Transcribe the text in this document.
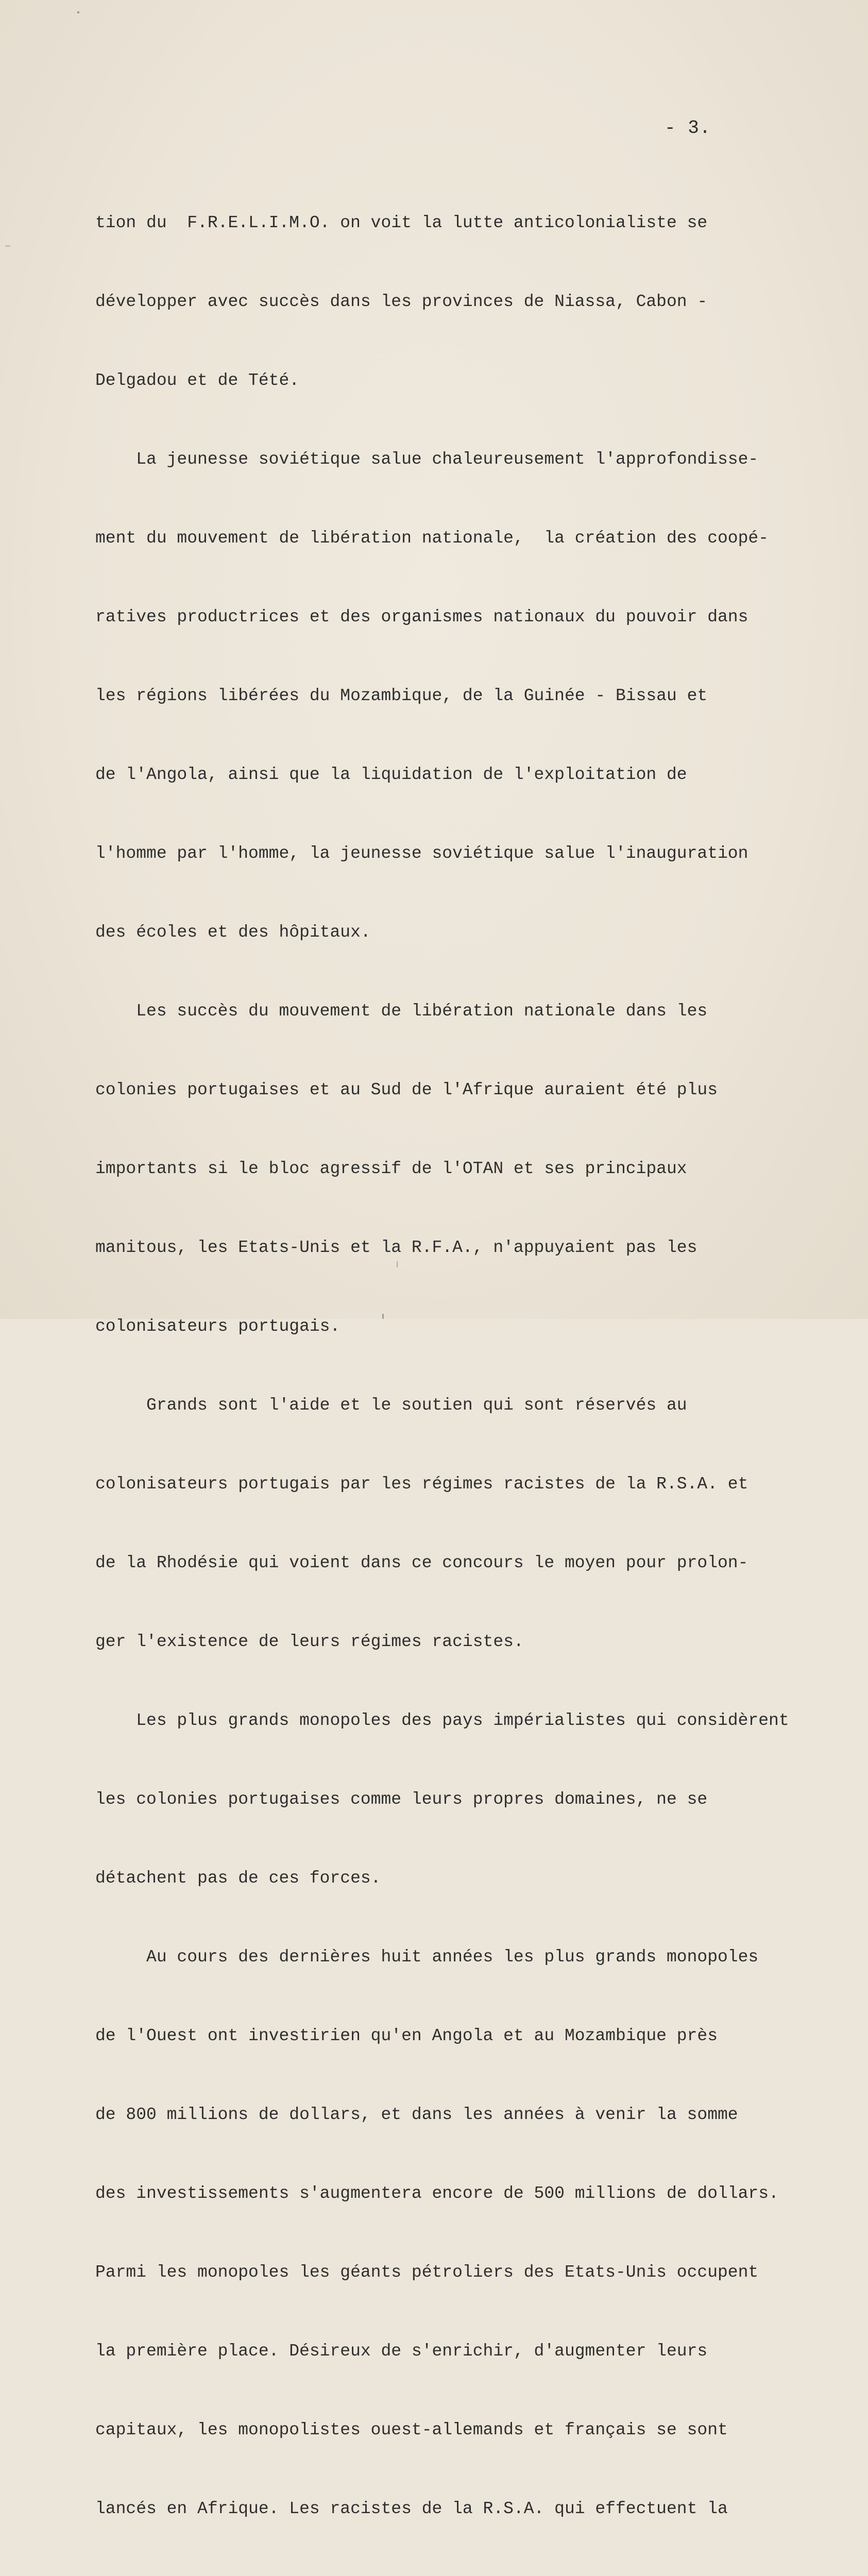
- 3.

tion du  F.R.E.L.I.M.O. on voit la lutte anticolonialiste se

développer avec succès dans les provinces de Niassa, Cabon -

Delgadou et de Tété.

La jeunesse soviétique salue chaleureusement l'approfondisse-

ment du mouvement de libération nationale,  la création des coopé-

ratives productrices et des organismes nationaux du pouvoir dans

les régions libérées du Mozambique, de la Guinée - Bissau et

de l'Angola, ainsi que la liquidation de l'exploitation de

l'homme par l'homme, la jeunesse soviétique salue l'inauguration

des écoles et des hôpitaux.

Les succès du mouvement de libération nationale dans les

colonies portugaises et au Sud de l'Afrique auraient été plus

importants si le bloc agressif de l'OTAN et ses principaux

manitous, les Etats-Unis et la R.F.A., n'appuyaient pas les

colonisateurs portugais.

Grands sont l'aide et le soutien qui sont réservés au

colonisateurs portugais par les régimes racistes de la R.S.A. et

de la Rhodésie qui voient dans ce concours le moyen pour prolon-

ger l'existence de leurs régimes racistes.

Les plus grands monopoles des pays impérialistes qui considèrent

les colonies portugaises comme leurs propres domaines, ne se

détachent pas de ces forces.

Au cours des dernières huit années les plus grands monopoles

de l'Ouest ont investirien qu'en Angola et au Mozambique près

de 800 millions de dollars, et dans les années à venir la somme

des investissements s'augmentera encore de 500 millions de dollars.

Parmi les monopoles les géants pétroliers des Etats-Unis occupent

la première place. Désireux de s'enrichir, d'augmenter leurs

capitaux, les monopolistes ouest-allemands et français se sont

lancés en Afrique. Les racistes de la R.S.A. qui effectuent la
